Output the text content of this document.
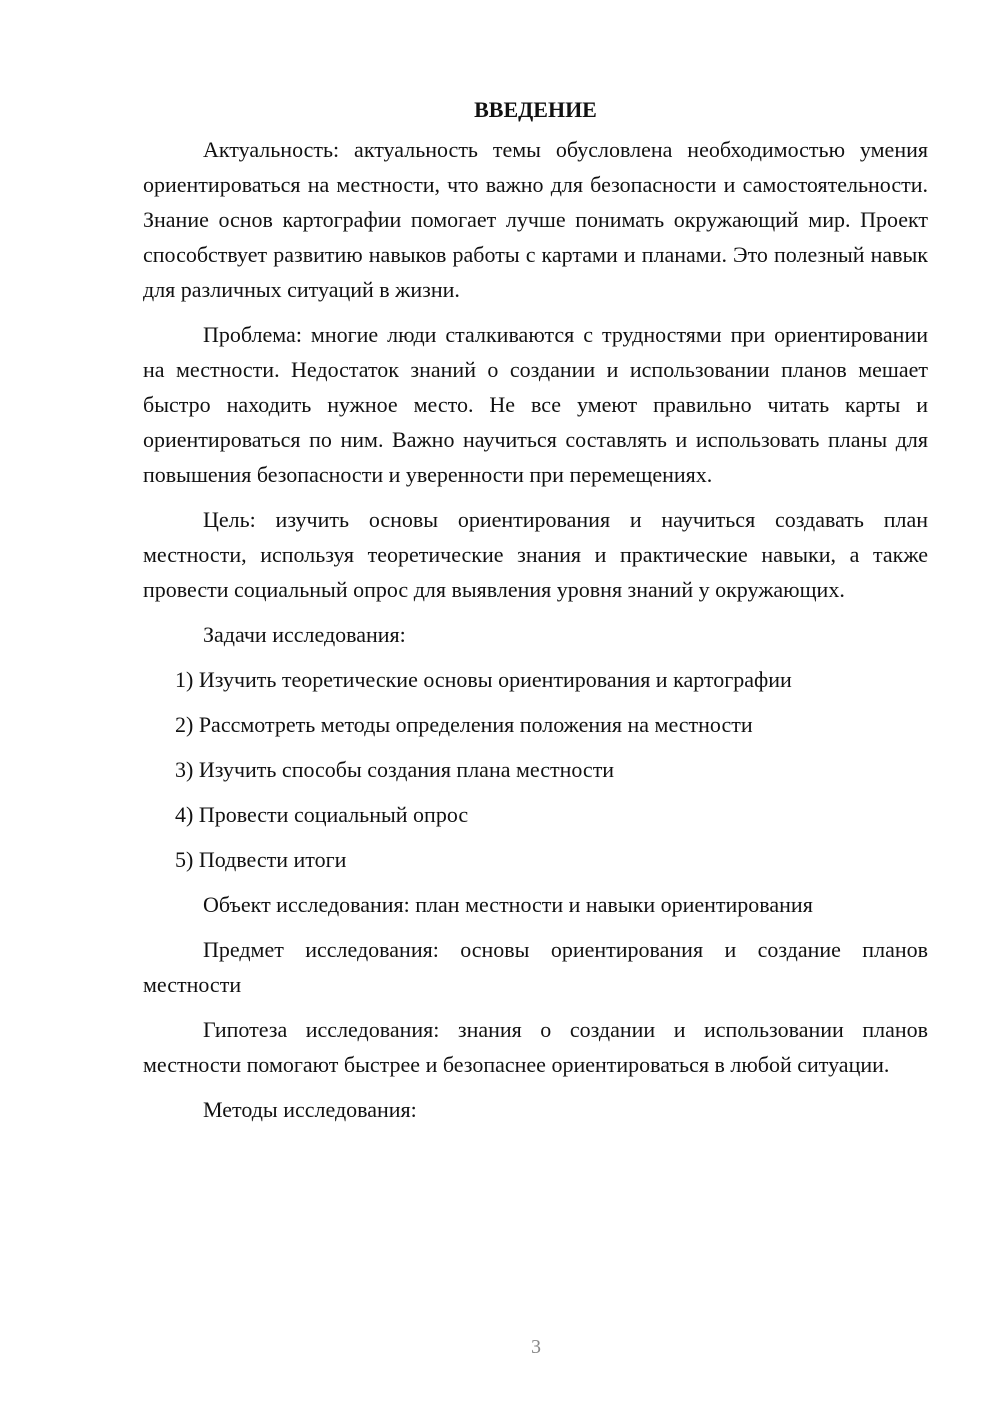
ВВЕДЕНИЕ

Актуальность: актуальность темы обусловлена необходимостью умения ориентироваться на местности, что важно для безопасности и самостоятельности. Знание основ картографии помогает лучше понимать окружающий мир. Проект способствует развитию навыков работы с картами и планами. Это полезный навык для различных ситуаций в жизни.

Проблема: многие люди сталкиваются с трудностями при ориентировании на местности. Недостаток знаний о создании и использовании планов мешает быстро находить нужное место. Не все умеют правильно читать карты и ориентироваться по ним. Важно научиться составлять и использовать планы для повышения безопасности и уверенности при перемещениях.

Цель: изучить основы ориентирования и научиться создавать план местности, используя теоретические знания и практические навыки, а также провести социальный опрос для выявления уровня знаний у окружающих.

Задачи исследования:

1) Изучить теоретические основы ориентирования и картографии
2) Рассмотреть методы определения положения на местности
3) Изучить способы создания плана местности
4) Провести социальный опрос
5) Подвести итоги

Объект исследования: план местности и навыки ориентирования

Предмет исследования: основы ориентирования и создание планов местности

Гипотеза исследования: знания о создании и использовании планов местности помогают быстрее и безопаснее ориентироваться в любой ситуации.

Методы исследования:

3
